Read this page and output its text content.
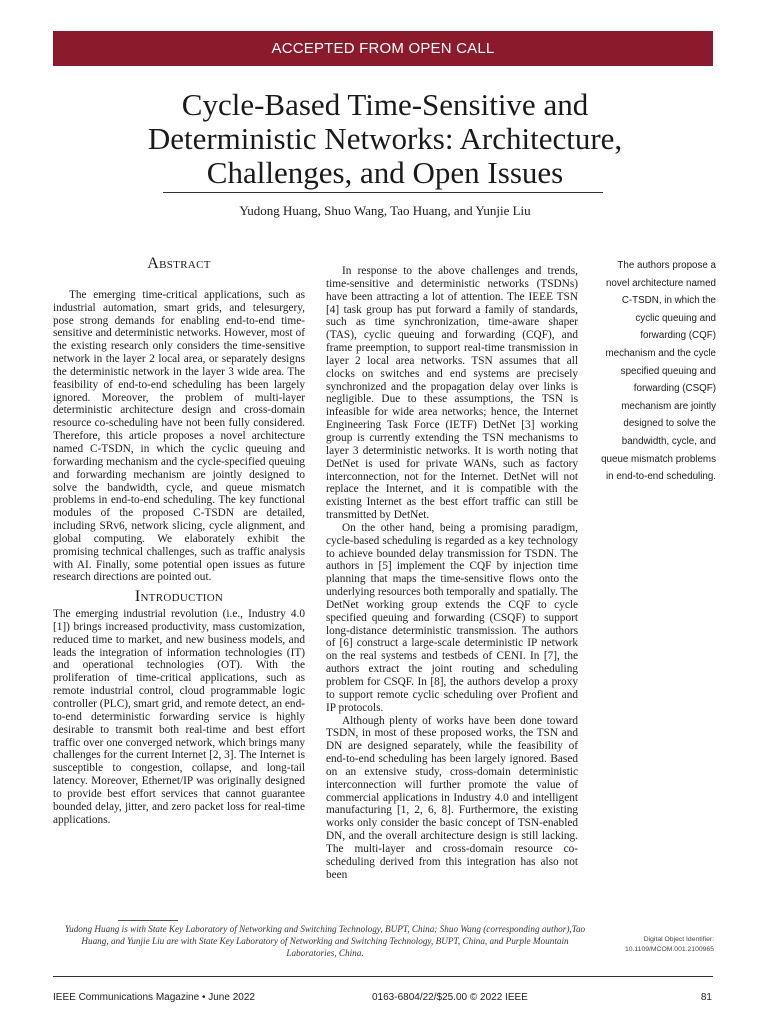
ACCEPTED FROM OPEN CALL
Cycle-Based Time-Sensitive and
Deterministic Networks: Architecture,
Challenges, and Open Issues
Yudong Huang, Shuo Wang, Tao Huang, and Yunjie Liu
Abstract

The emerging time-critical applications, such as industrial automation, smart grids, and telesurgery, pose strong demands for enabling end-to-end time-sensitive and deterministic networks. However, most of the existing research only considers the time-sensitive network in the layer 2 local area, or separately designs the deterministic network in the layer 3 wide area. The feasibility of end-to-end scheduling has been largely ignored. Moreover, the problem of multi-layer deterministic architecture design and cross-domain resource co-scheduling have not been fully considered. Therefore, this article proposes a novel architecture named C-TSDN, in which the cyclic queuing and forwarding mechanism and the cycle-specified queuing and forwarding mechanism are jointly designed to solve the bandwidth, cycle, and queue mismatch problems in end-to-end scheduling. The key functional modules of the proposed C-TSDN are detailed, including SRv6, network slicing, cycle alignment, and global computing. We elaborately exhibit the promising technical challenges, such as traffic analysis with AI. Finally, some potential open issues as future research directions are pointed out.

Introduction

The emerging industrial revolution (i.e., Industry 4.0 [1]) brings increased productivity, mass customization, reduced time to market, and new business models, and leads the integration of information technologies (IT) and operational technologies (OT). With the proliferation of time-critical applications, such as remote industrial control, cloud programmable logic controller (PLC), smart grid, and remote detect, an end-to-end deterministic forwarding service is highly desirable to transmit both real-time and best effort traffic over one converged network, which brings many challenges for the current Internet [2, 3]. The Internet is susceptible to congestion, collapse, and long-tail latency. Moreover, Ethernet/IP was originally designed to provide best effort services that cannot guarantee bounded delay, jitter, and zero packet loss for real-time applications.

In response to the above challenges and trends, time-sensitive and deterministic networks (TSDNs) have been attracting a lot of attention. The IEEE TSN [4] task group has put forward a family of standards, such as time synchronization, time-aware shaper (TAS), cyclic queuing and forwarding (CQF), and frame preemption, to support real-time transmission in layer 2 local area networks. TSN assumes that all clocks on switches and end systems are precisely synchronized and the propagation delay over links is negligible. Due to these assumptions, the TSN is infeasible for wide area networks; hence, the Internet Engineering Task Force (IETF) DetNet [3] working group is currently extending the TSN mechanisms to layer 3 deterministic networks. It is worth noting that DetNet is used for private WANs, such as factory interconnection, not for the Internet. DetNet will not replace the Internet, and it is compatible with the existing Internet as the best effort traffic can still be transmitted by DetNet.

On the other hand, being a promising paradigm, cycle-based scheduling is regarded as a key technology to achieve bounded delay transmission for TSDN. The authors in [5] implement the CQF by injection time planning that maps the time-sensitive flows onto the underlying resources both temporally and spatially. The DetNet working group extends the CQF to cycle specified queuing and forwarding (CSQF) to support long-distance deterministic transmission. The authors of [6] construct a large-scale deterministic IP network on the real systems and testbeds of CENI. In [7], the authors extract the joint routing and scheduling problem for CSQF. In [8], the authors develop a proxy to support remote cyclic scheduling over Profient and IP protocols.

Although plenty of works have been done toward TSDN, in most of these proposed works, the TSN and DN are designed separately, while the feasibility of end-to-end scheduling has been largely ignored. Based on an extensive study, cross-domain deterministic interconnection will further promote the value of commercial applications in Industry 4.0 and intelligent manufacturing [1, 2, 6, 8]. Furthermore, the existing works only consider the basic concept of TSN-enabled DN, and the overall architecture design is still lacking. The multi-layer and cross-domain resource co-scheduling derived from this integration has also not been

The authors propose a novel architecture named C-TSDN, in which the cyclic queuing and forwarding (CQF) mechanism and the cycle specified queuing and forwarding (CSQF) mechanism are jointly designed to solve the bandwidth, cycle, and queue mismatch problems in end-to-end scheduling.
Yudong Huang is with State Key Laboratory of Networking and Switching Technology, BUPT, China; Shuo Wang (corresponding author),Tao Huang, and Yunjie Liu are with State Key Laboratory of Networking and Switching Technology, BUPT, China, and Purple Mountain Laboratories, China.
Digital Object Identifier:
10.1109/MCOM.001.2100965
IEEE Communications Magazine • June 2022	0163-6804/22/$25.00 © 2022 IEEE	81
